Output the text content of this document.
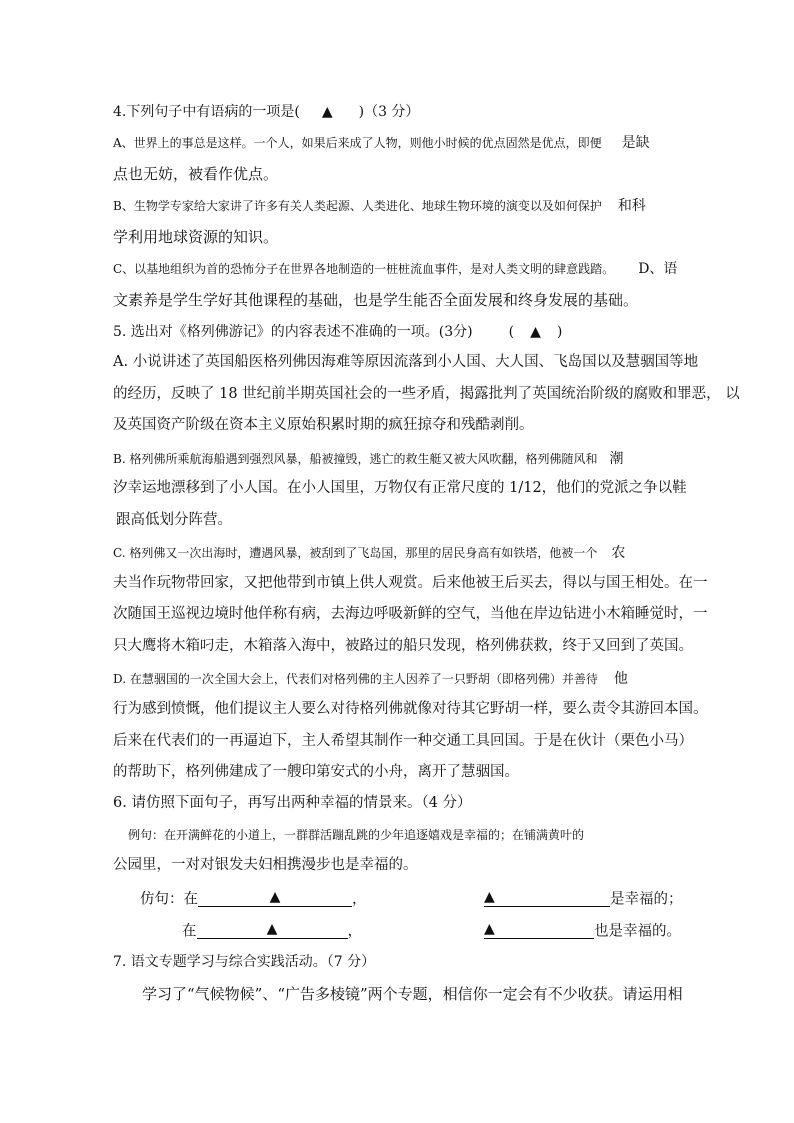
4.下列句子中有语病的一项是( ▲ )（3 分）
A、世界上的事总是这样。一个人，如果后来成了人物，则他小时候的优点固然是优点，即便 是缺
点也无妨，被看作优点。
B、生物学专家给大家讲了许多有关人类起源、人类进化、地球生物环境的演变以及如何保护 和科
学利用地球资源的知识。
C、以基地组织为首的恐怖分子在世界各地制造的一桩桩流血事件，是对人类文明的肆意践踏。 D、语
文素养是学生学好其他课程的基础，也是学生能否全面发展和终身发展的基础。
5. 选出对《格列佛游记》的内容表述不准确的一项。(3分)	( ▲ )
A. 小说讲述了英国船医格列佛因海难等原因流落到小人国、大人国、飞岛国以及慧骃国等地
的经历，反映了 18 世纪前半期英国社会的一些矛盾，揭露批判了英国统治阶级的腐败和罪恶， 以
及英国资产阶级在资本主义原始积累时期的疯狂掠夺和残酷剥削。
B. 格列佛所乘航海船遇到强烈风暴，船被撞毁，逃亡的救生艇又被大风吹翻，格列佛随风和 潮
汐幸运地漂移到了小人国。在小人国里，万物仅有正常尺度的 1/12，他们的党派之争以鞋
跟高低划分阵营。
C. 格列佛又一次出海时，遭遇风暴，被刮到了飞岛国，那里的居民身高有如铁塔，他被一个 农
夫当作玩物带回家，又把他带到市镇上供人观赏。后来他被王后买去，得以与国王相处。在一
次随国王巡视边境时他佯称有病，去海边呼吸新鲜的空气，当他在岸边钻进小木箱睡觉时，一
只大鹰将木箱叼走，木箱落入海中，被路过的船只发现，格列佛获救，终于又回到了英国。
D. 在慧骃国的一次全国大会上，代表们对格列佛的主人因养了一只野胡（即格列佛）并善待 他
行为感到愤慨，他们提议主人要么对待格列佛就像对待其它野胡一样，要么责令其游回本国。
后来在代表们的一再逼迫下，主人希望其制作一种交通工具回国。于是在伙计（栗色小马）
的帮助下，格列佛建成了一艘印第安式的小舟，离开了慧骃国。
6. 请仿照下面句子，再写出两种幸福的情景来。（4 分）
例句：在开满鲜花的小道上，一群群活蹦乱跳的少年追逐嬉戏是幸福的；在铺满黄叶的
公园里，一对对银发夫妇相携漫步也是幸福的。
仿句：在	▲	，	▲	是幸福的；
在	▲	，	▲	也是幸福的。
7. 语文专题学习与综合实践活动。（7 分）
学习了“气候物候”、“广告多棱镜”两个专题，相信你一定会有不少收获。请运用相
